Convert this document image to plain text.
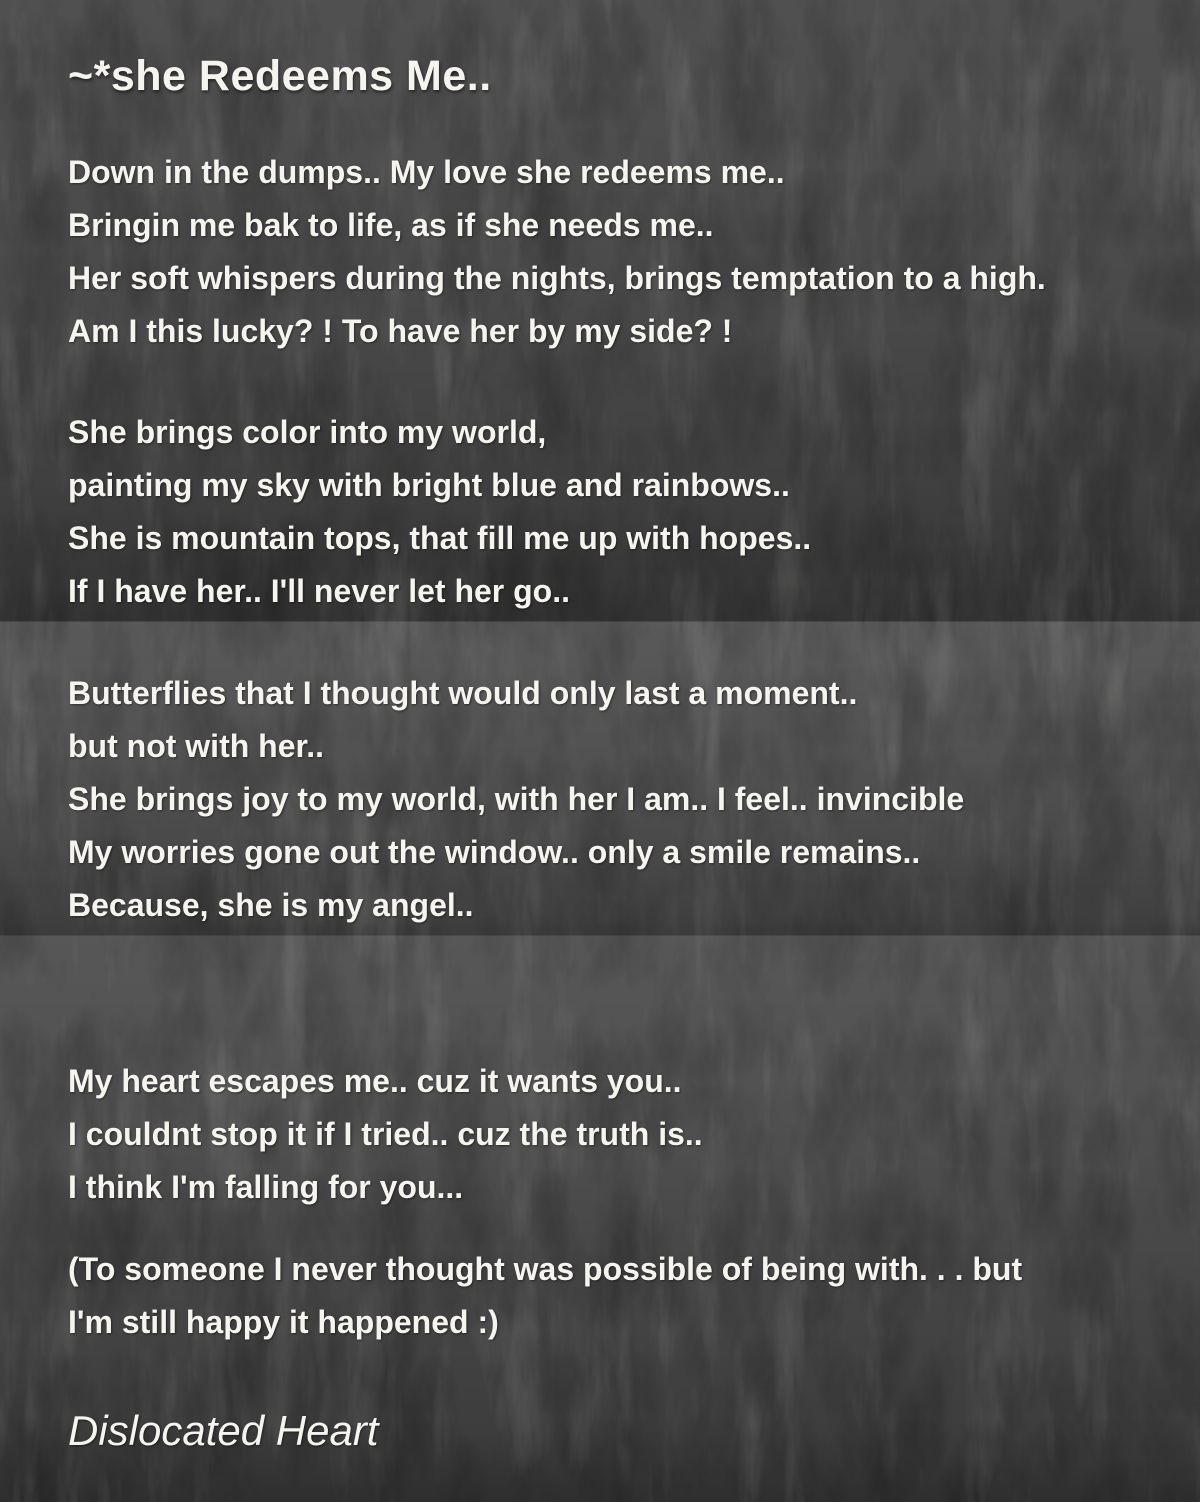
~*she Redeems Me..
Down in the dumps.. My love she redeems me..
Bringin me bak to life, as if she needs me..
Her soft whispers during the nights, brings temptation to a high.
Am I this lucky? ! To have her by my side? !
She brings color into my world,
painting my sky with bright blue and rainbows..
She is mountain tops, that fill me up with hopes..
If I have her.. I'll never let her go..
Butterflies that I thought would only last a moment..
but not with her..
She brings joy to my world, with her I am.. I feel.. invincible
My worries gone out the window.. only a smile remains..
Because, she is my angel..
My heart escapes me.. cuz it wants you..
I couldnt stop it if I tried.. cuz the truth is..
I think I'm falling for you...
(To someone I never thought was possible of being with. . . but
I'm still happy it happened :)
Dislocated Heart
